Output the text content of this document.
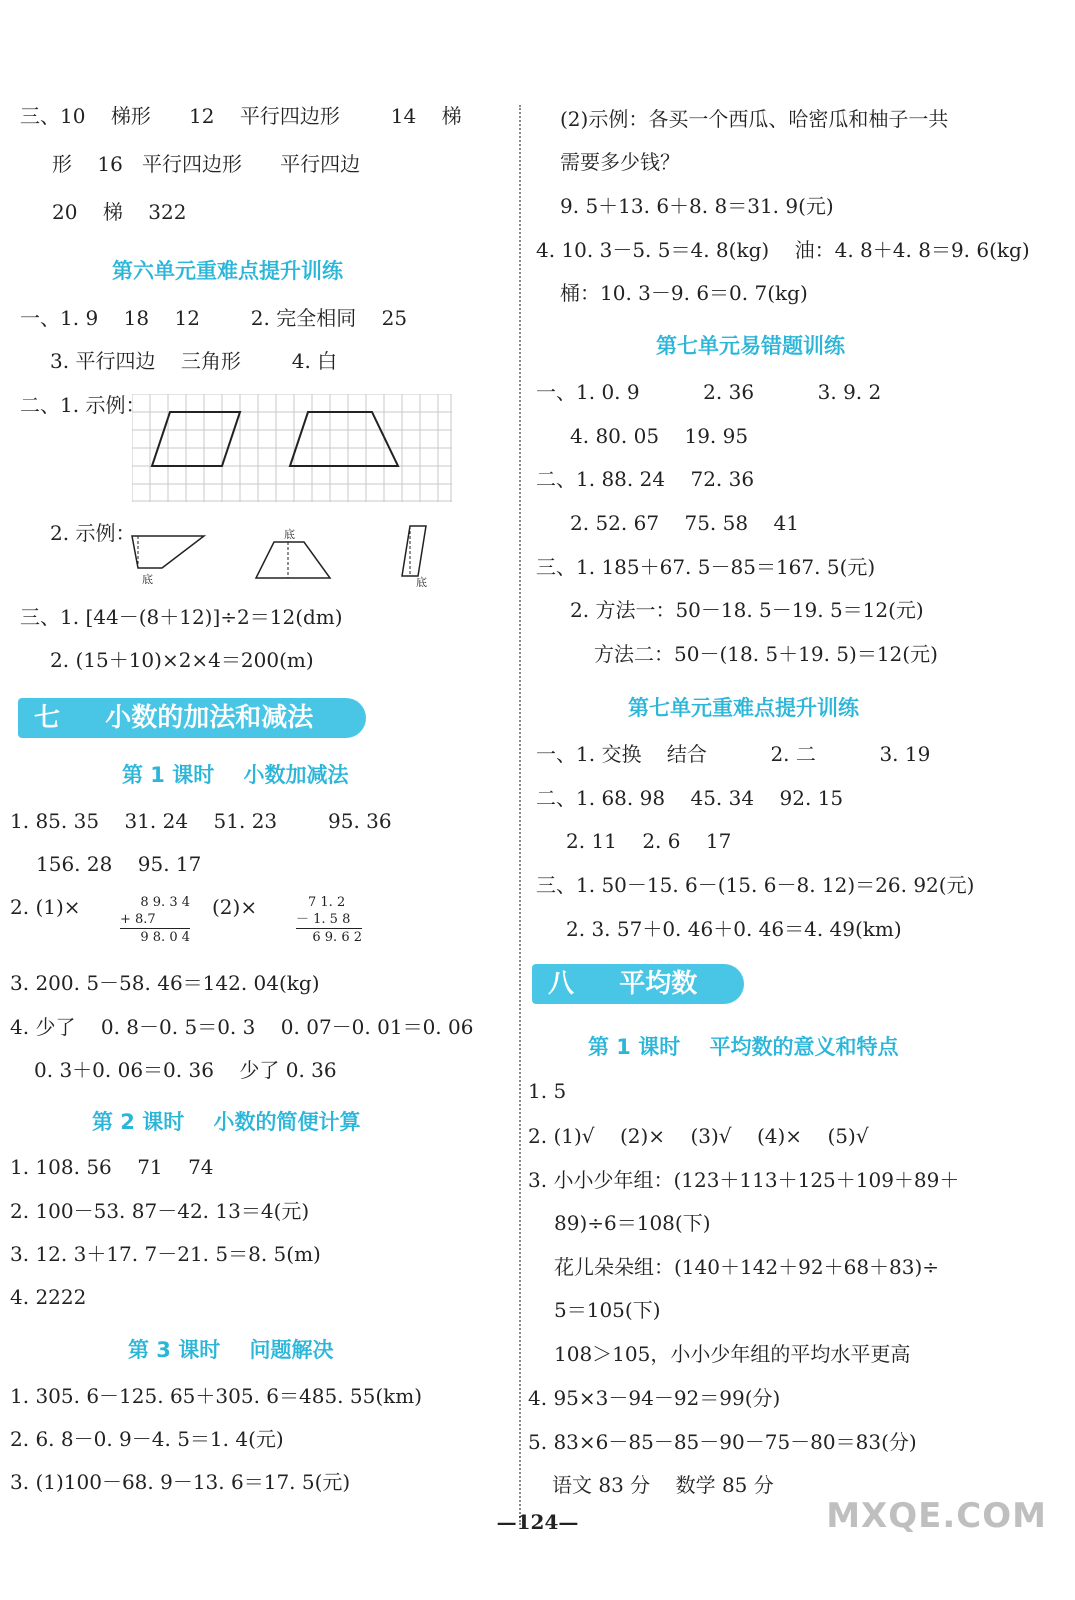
三、10    梯形      12    平行四边形        14    梯
形    16   平行四边形      平行四边
20    梯    322
第六单元重难点提升训练
一、1. 9    18    12        2. 完全相同    25
3. 平行四边    三角形        4. 白
二、1. 示例：
2. 示例：
底
底
底
三、1. [44－(8＋12)]÷2＝12(dm)
2. (15＋10)×2×4＝200(m)
七     小数的加法和减法
第 1 课时    小数加减法
1. 85. 35    31. 24    51. 23        95. 36
156. 28    95. 17
2. (1)×	8 9. 3 4
+ 8.7
9 8. 0 4
(2)×	7 1. 2
－ 1. 5 8
6 9. 6 2
3. 200. 5－58. 46＝142. 04(kg)
4. 少了    0. 8－0. 5＝0. 3    0. 07－0. 01＝0. 06
0. 3＋0. 06＝0. 36    少了 0. 36
第 2 课时    小数的简便计算
1. 108. 56    71    74
2. 100－53. 87－42. 13＝4(元)
3. 12. 3＋17. 7－21. 5＝8. 5(m)
4. 2222
第 3 课时    问题解决
1. 305. 6－125. 65＋305. 6＝485. 55(km)
2. 6. 8－0. 9－4. 5＝1. 4(元)
3. (1)100－68. 9－13. 6＝17. 5(元)
(2)示例：各买一个西瓜、哈密瓜和柚子一共
需要多少钱？
9. 5＋13. 6＋8. 8＝31. 9(元)
4. 10. 3－5. 5＝4. 8(kg)    油：4. 8＋4. 8＝9. 6(kg)
桶：10. 3－9. 6＝0. 7(kg)
第七单元易错题训练
一、1. 0. 9          2. 36          3. 9. 2
4. 80. 05    19. 95
二、1. 88. 24    72. 36
2. 52. 67    75. 58    41
三、1. 185＋67. 5－85＝167. 5(元)
2. 方法一：50－18. 5－19. 5＝12(元)
方法二：50－(18. 5＋19. 5)＝12(元)
第七单元重难点提升训练
一、1. 交换    结合          2. 二          3. 19
二、1. 68. 98    45. 34    92. 15
2. 11    2. 6    17
三、1. 50－15. 6－(15. 6－8. 12)＝26. 92(元)
2. 3. 57＋0. 46＋0. 46＝4. 49(km)
八     平均数
第 1 课时    平均数的意义和特点
1. 5
2. (1)√    (2)×    (3)√    (4)×    (5)√
3. 小小少年组：(123＋113＋125＋109＋89＋
89)÷6＝108(下)
花儿朵朵组：(140＋142＋92＋68＋83)÷
5＝105(下)
108＞105，小小少年组的平均水平更高
4. 95×3－94－92＝99(分)
5. 83×6－85－85－90－75－80＝83(分)
语文 83 分    数学 85 分
—124—	MXQE.COM
